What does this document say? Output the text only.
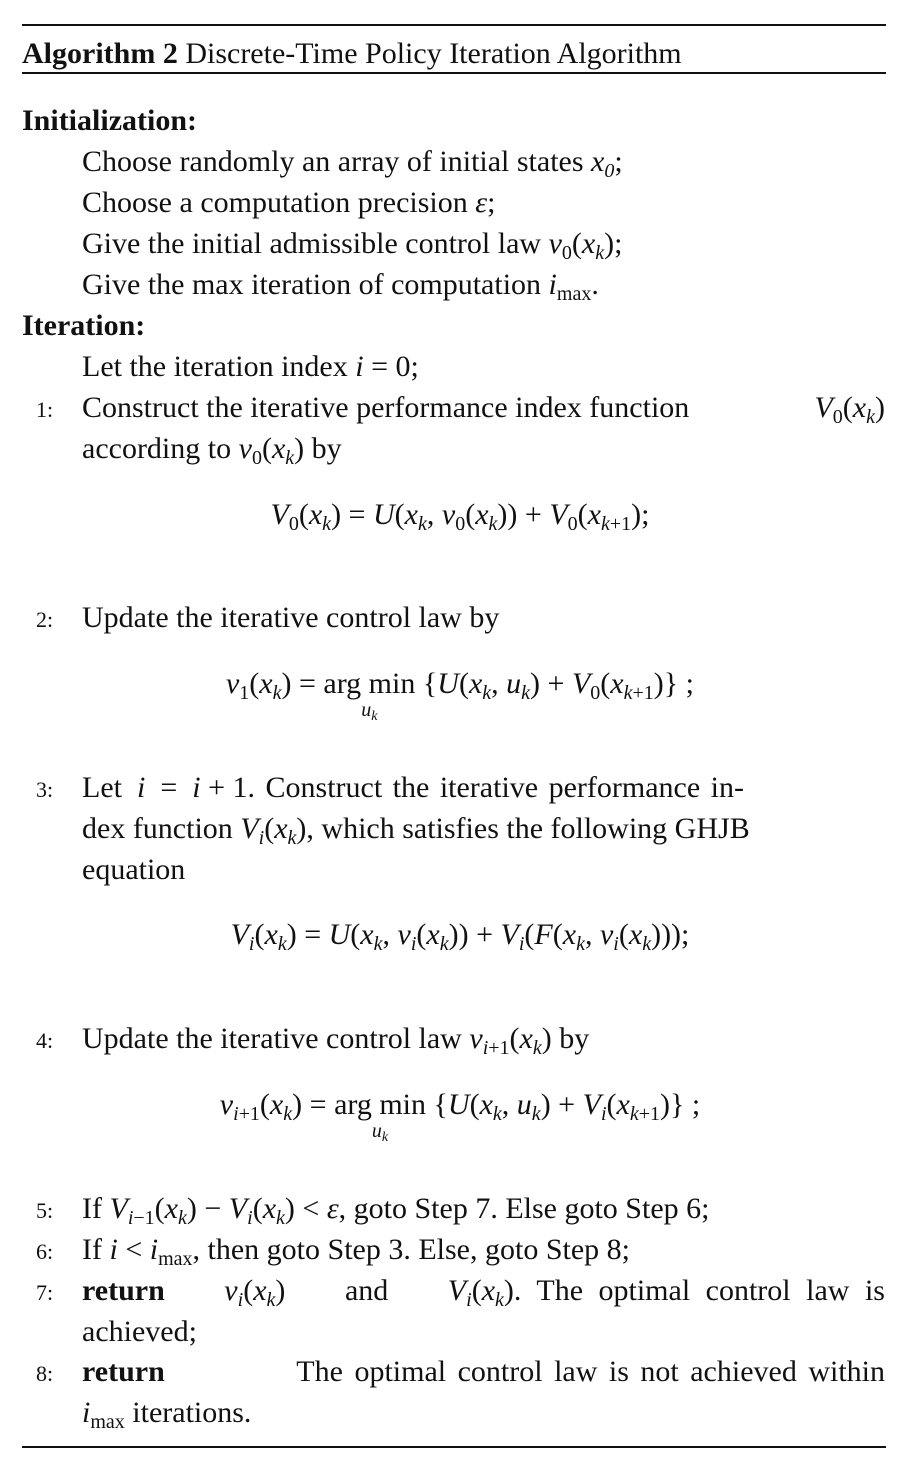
Algorithm 2 Discrete-Time Policy Iteration Algorithm
Initialization:
Choose randomly an array of initial states $x_0$;
Choose a computation precision ε;
Give the initial admissible control law $v_0(x_k)$;
Give the max iteration of computation $i_{max}$.
Iteration:
Let the iteration index i = 0;
1: Construct the iterative performance index function	$V_0(x_k)$
according to $v_0(x_k)$ by
$V_0(x_k) = U(x_k$, $v_0(x_k)) + V_0(x_{k+1})$;
2: Update the iterative control law by
$v_1(x_k)$ = arg min
$u_k$
{$U(x_k$, $u_k) + V_0(x_{k+1})$} ;
3: Let i  =  i + 1. Construct the iterative performance in-
dex function $V_i(x_k)$, which satisfies the following GHJB
equation
$V_i(x_k) = U(x_k$, $v_i(x_k)) + V_i(F(x_k$, $v_i(x_k)$));
4: Update the iterative control law $v_{i+1}(x_k)$ by
$v_{i+1}(x_k)$ = arg min
$u_k$
{$U(x_k$, $u_k) + V_i(x_{k+1})$} ;
5: If $V_{i-1}(x_k) - V_i(x_k) < \varepsilon$, goto Step 7. Else goto Step 6;
6: If $i < i_{max}$, then goto Step 3. Else, goto Step 8;
7: return $v_i(x_k)$ and $V_i(x_k)$. The optimal control law is
achieved;
8: return	The optimal control law is not achieved within
$i_{max}$ iterations.
